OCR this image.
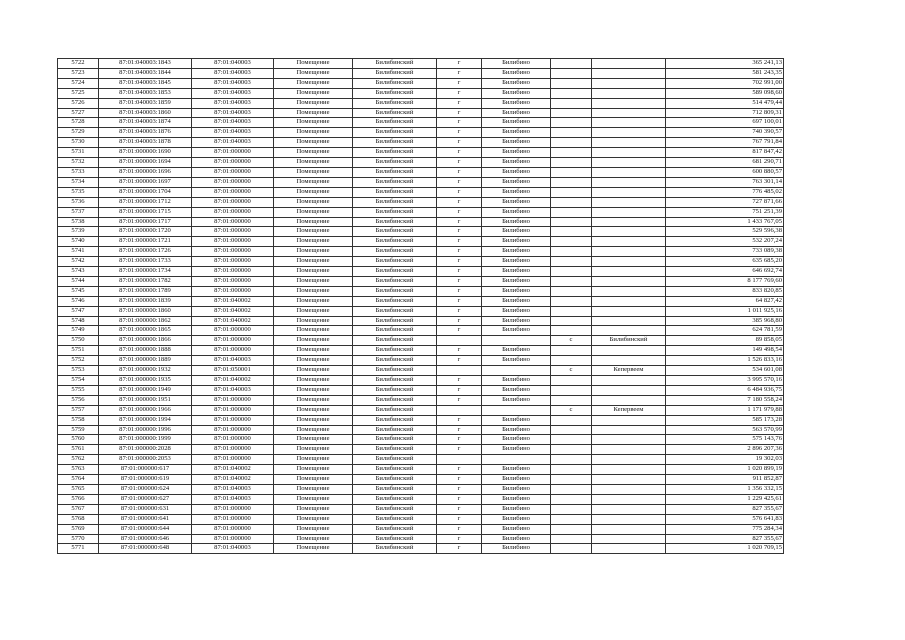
5722	87:01:040003:1843	87:01:040003	Помещение	Билибинский	г	Билибино			365 241,13
5723	87:01:040003:1844	87:01:040003	Помещение	Билибинский	г	Билибино			581 243,35
5724	87:01:040003:1845	87:01:040003	Помещение	Билибинский	г	Билибино			702 991,00
5725	87:01:040003:1853	87:01:040003	Помещение	Билибинский	г	Билибино			589 098,60
5726	87:01:040003:1859	87:01:040003	Помещение	Билибинский	г	Билибино			514 479,44
5727	87:01:040003:1860	87:01:040003	Помещение	Билибинский	г	Билибино			712 809,31
5728	87:01:040003:1874	87:01:040003	Помещение	Билибинский	г	Билибино			697 100,01
5729	87:01:040003:1876	87:01:040003	Помещение	Билибинский	г	Билибино			740 390,57
5730	87:01:040003:1878	87:01:040003	Помещение	Билибинский	г	Билибино			767 791,84
5731	87:01:000000:1690	87:01:000000	Помещение	Билибинский	г	Билибино			817 847,42
5732	87:01:000000:1694	87:01:000000	Помещение	Билибинский	г	Билибино			681 290,71
5733	87:01:000000:1696	87:01:000000	Помещение	Билибинский	г	Билибино			600 880,57
5734	87:01:000000:1697	87:01:000000	Помещение	Билибинский	г	Билибино			763 301,14
5735	87:01:000000:1704	87:01:000000	Помещение	Билибинский	г	Билибино			776 485,02
5736	87:01:000000:1712	87:01:000000	Помещение	Билибинский	г	Билибино			727 871,66
5737	87:01:000000:1715	87:01:000000	Помещение	Билибинский	г	Билибино			751 251,39
5738	87:01:000000:1717	87:01:000000	Помещение	Билибинский	г	Билибино			1 433 767,05
5739	87:01:000000:1720	87:01:000000	Помещение	Билибинский	г	Билибино			529 596,38
5740	87:01:000000:1721	87:01:000000	Помещение	Билибинский	г	Билибино			532 207,24
5741	87:01:000000:1726	87:01:000000	Помещение	Билибинский	г	Билибино			733 089,38
5742	87:01:000000:1733	87:01:000000	Помещение	Билибинский	г	Билибино			635 685,20
5743	87:01:000000:1734	87:01:000000	Помещение	Билибинский	г	Билибино			646 692,74
5744	87:01:000000:1782	87:01:000000	Помещение	Билибинский	г	Билибино			8 177 769,60
5745	87:01:000000:1789	87:01:000000	Помещение	Билибинский	г	Билибино			833 820,85
5746	87:01:000000:1839	87:01:040002	Помещение	Билибинский	г	Билибино			64 827,42
5747	87:01:000000:1860	87:01:040002	Помещение	Билибинский	г	Билибино			1 011 925,16
5748	87:01:000000:1862	87:01:040002	Помещение	Билибинский	г	Билибино			385 968,80
5749	87:01:000000:1865	87:01:000000	Помещение	Билибинский	г	Билибино			624 781,59
5750	87:01:000000:1866	87:01:000000	Помещение	Билибинский			с	Билибинский	89 858,05
5751	87:01:000000:1888	87:01:000000	Помещение	Билибинский	г	Билибино			149 498,54
5752	87:01:000000:1889	87:01:040003	Помещение	Билибинский	г	Билибино			1 526 833,16
5753	87:01:000000:1932	87:01:050001	Помещение	Билибинский			с	Кепервеем	534 601,08
5754	87:01:000000:1935	87:01:040002	Помещение	Билибинский	г	Билибино			3 995 570,16
5755	87:01:000000:1949	87:01:040003	Помещение	Билибинский	г	Билибино			6 484 936,75
5756	87:01:000000:1951	87:01:000000	Помещение	Билибинский	г	Билибино			7 180 558,24
5757	87:01:000000:1966	87:01:000000	Помещение	Билибинский			с	Кепервеем	1 171 979,88
5758	87:01:000000:1994	87:01:000000	Помещение	Билибинский	г	Билибино			585 173,28
5759	87:01:000000:1996	87:01:000000	Помещение	Билибинский	г	Билибино			563 570,99
5760	87:01:000000:1999	87:01:000000	Помещение	Билибинский	г	Билибино			575 143,76
5761	87:01:000000:2028	87:01:000000	Помещение	Билибинский	г	Билибино			2 896 207,36
5762	87:01:000000:2053	87:01:000000	Помещение	Билибинский					19 302,03
5763	87:01:000000:617	87:01:040002	Помещение	Билибинский	г	Билибино			1 020 899,19
5764	87:01:000000:619	87:01:040002	Помещение	Билибинский	г	Билибино			911 852,87
5765	87:01:000000:624	87:01:040003	Помещение	Билибинский	г	Билибино			1 356 332,15
5766	87:01:000000:627	87:01:040003	Помещение	Билибинский	г	Билибино			1 229 425,61
5767	87:01:000000:631	87:01:000000	Помещение	Билибинский	г	Билибино			827 355,67
5768	87:01:000000:641	87:01:000000	Помещение	Билибинский	г	Билибино			576 641,83
5769	87:01:000000:644	87:01:000000	Помещение	Билибинский	г	Билибино			775 284,34
5770	87:01:000000:646	87:01:000000	Помещение	Билибинский	г	Билибино			827 355,67
5771	87:01:000000:648	87:01:040003	Помещение	Билибинский	г	Билибино			1 020 709,15
